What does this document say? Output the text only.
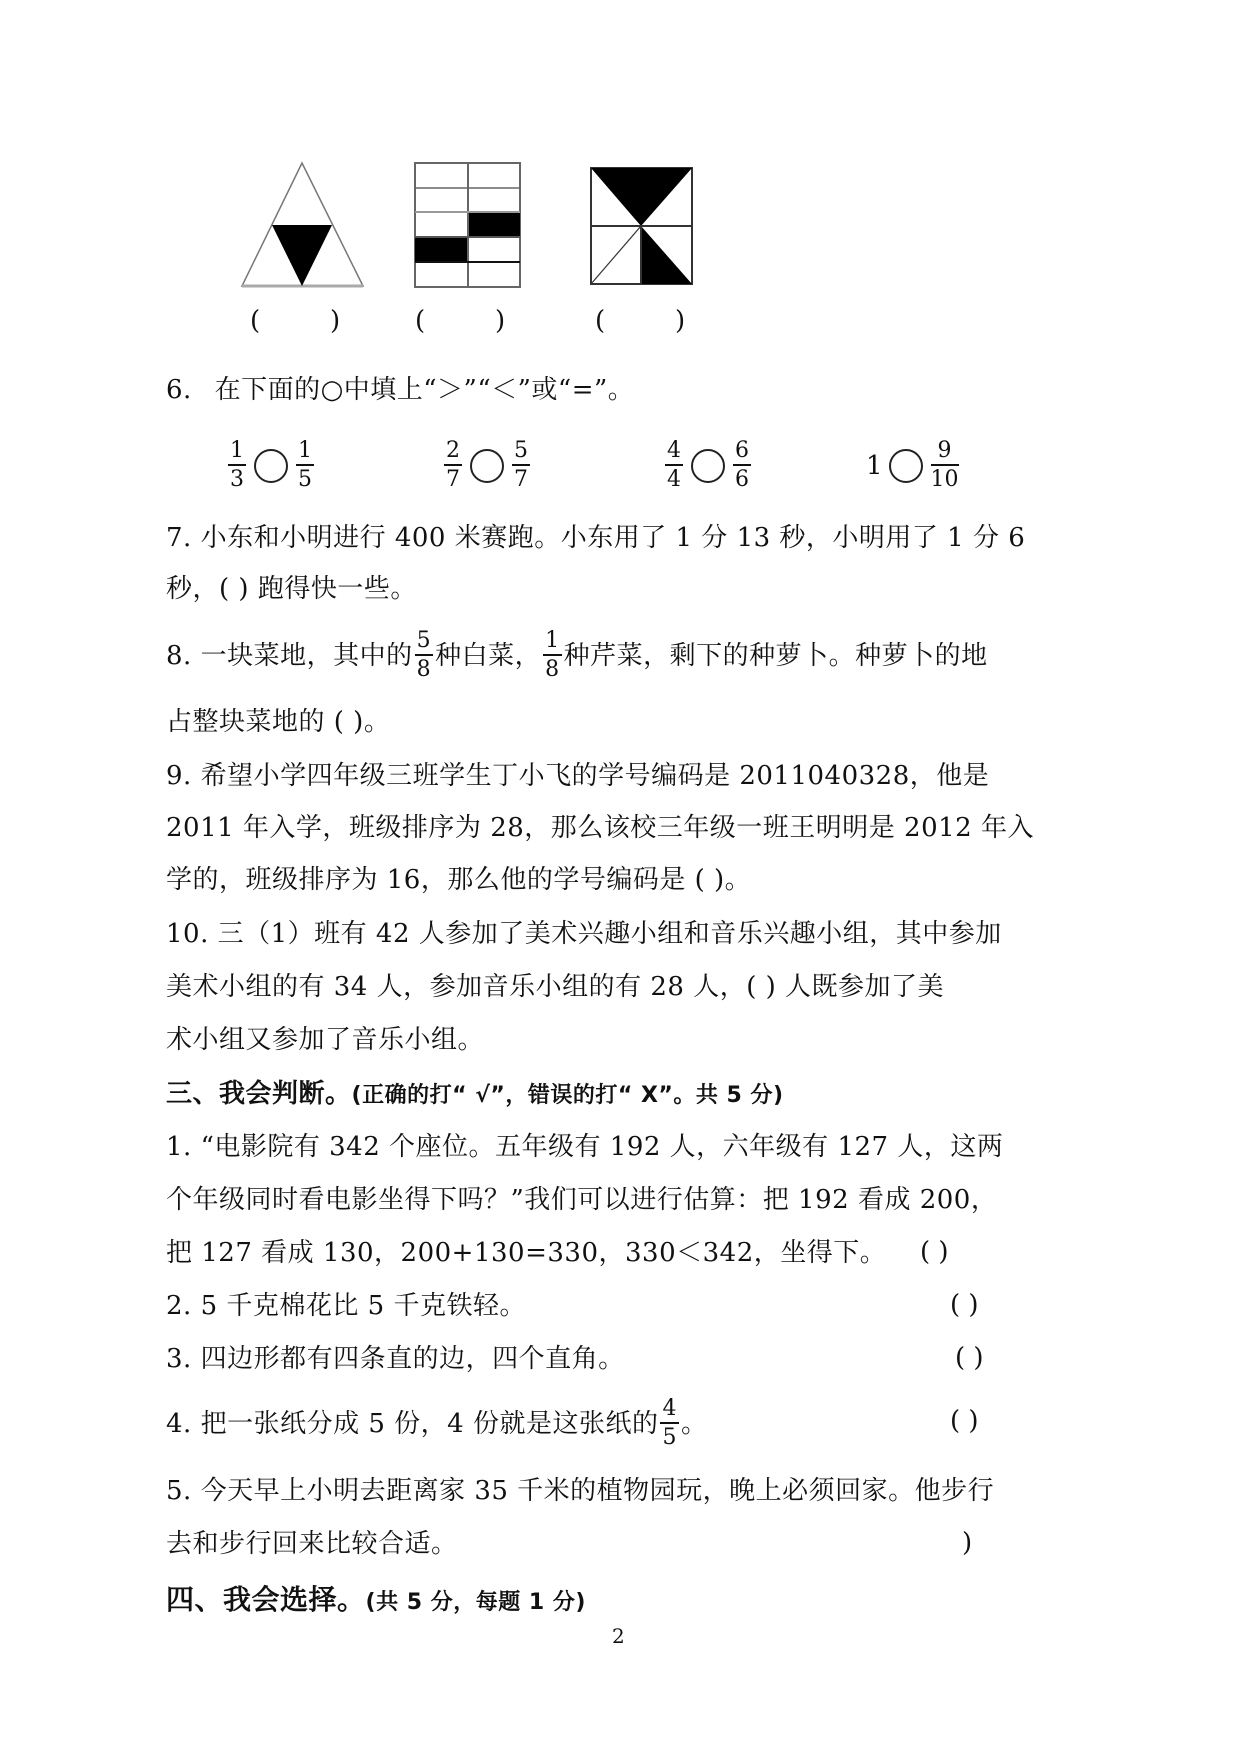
(	)	(	)	(	)
6. 在下面的○中填上“＞”“＜”或“=”。
$\frac{1}{3} \frac{1}{5}$	$\frac{2}{7} \frac{5}{7}$	$\frac{4}{4} \frac{6}{6}$	$1 \frac{9}{10}$
7. 小东和小明进行 400 米赛跑。小东用了 1 分 13 秒，小明用了 1 分 6
秒，( ) 跑得快一些。
8. 一块菜地，其中的 $\frac{5}{8}$ 种白菜， $\frac{1}{8}$ 种芹菜，剩下的种萝卜。种萝卜的地
占整块菜地的 ( )。
9. 希望小学四年级三班学生丁小飞的学号编码是 2011040328，他是
2011 年入学，班级排序为 28，那么该校三年级一班王明明是 2012 年入
学的，班级排序为 16，那么他的学号编码是 ( )。
10. 三（1）班有 42 人参加了美术兴趣小组和音乐兴趣小组，其中参加
美术小组的有 34 人，参加音乐小组的有 28 人，( ) 人既参加了美
术小组又参加了音乐小组。
三、我会判断。(正确的打“ √”，错误的打“ X”。共 5 分)
1. “电影院有 342 个座位。五年级有 192 人，六年级有 127 人，这两
个年级同时看电影坐得下吗？”我们可以进行估算：把 192 看成 200，
把 127 看成 130，200+130=330，330＜342，坐得下。 ( )
2. 5 千克棉花比 5 千克铁轻。	( )
3. 四边形都有四条直的边，四个直角。	( )
4. 把一张纸分成 5 份，4 份就是这张纸的 $\frac{4}{5}$ 。	( )
5. 今天早上小明去距离家 35 千米的植物园玩，晚上必须回家。他步行
去和步行回来比较合适。	)
四、我会选择。(共 5 分，每题 1 分)
2
